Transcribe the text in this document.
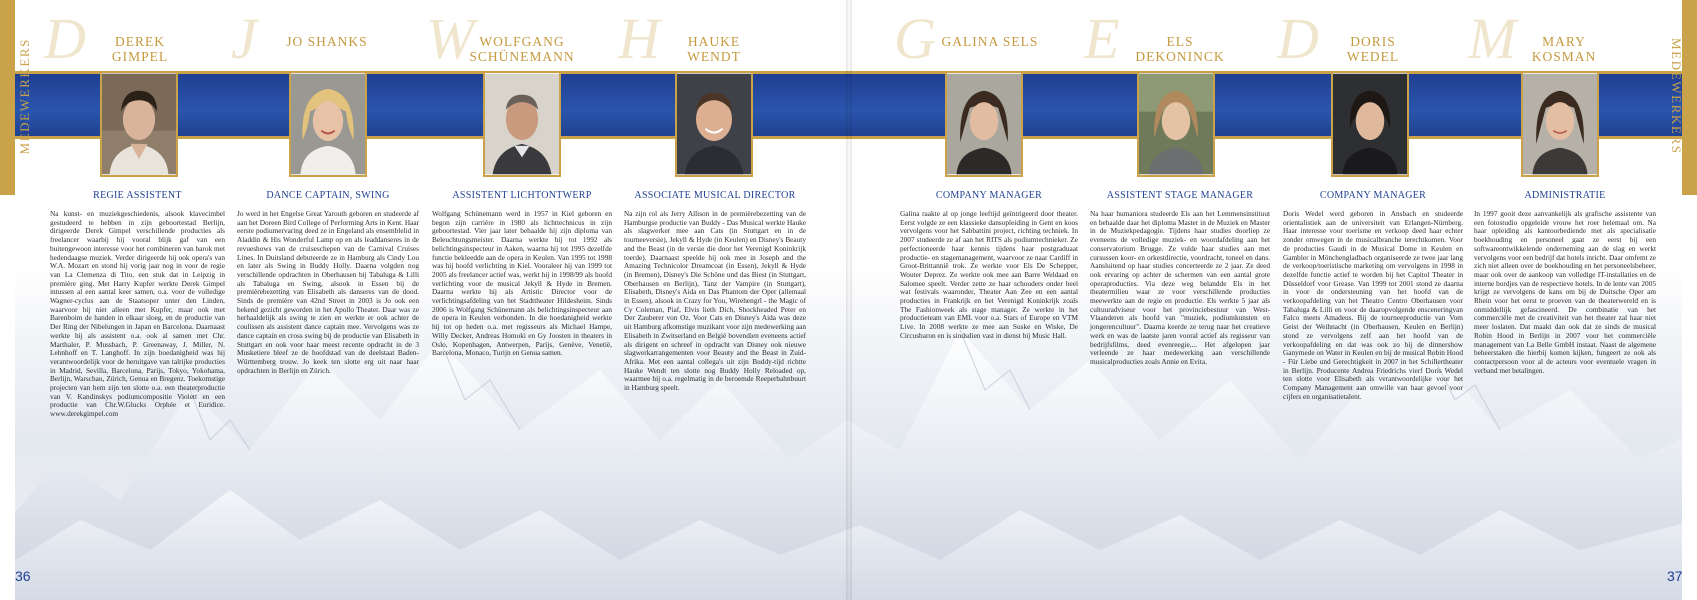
MEDEWERKERS	MEDEWERKERS
36	37
D	DEREK GIMPEL
REGIE ASSISTENT
Na kunst- en muziekgeschiedenis, alsook klavecimbel gestudeerd te hebben in zijn geboortestad Berlijn, dirigeerde Derek Gimpel verschillende producties als freelancer waarbij hij vooral blijk gaf van een buitengewoon interesse voor het combineren van barok met hedendaagse muziek. Verder dirigeerde hij ook opera's van W.A. Mozart en stond hij vorig jaar nog in voor de regie van La Clemenza di Tito, een stuk dat in Leipzig in première ging. Met Harry Kupfer werkte Derek Gimpel intussen al een aantal keer samen, o.a. voor de volledige Wagner-cyclus aan de Staatsoper unter den Linden, waarvoor hij niet alleen met Kupfer, maar ook met Barenboim de handen in elkaar sloeg, en de productie van Der Ring der Nibelungen in Japan en Barcelona. Daarnaast werkte hij als assistent o.a. ook al samen met Chr. Marthaler, P. Mussbach, P. Greenaway, J. Miller, N. Lehnhoff en T. Langhoff. In zijn hoedanigheid was hij verantwoordelijk voor de heruitgave van talrijke producties in Madrid, Sevilla, Barcelona, Parijs, Tokyo, Yokohama, Berlijn, Warschau, Zürich, Genua en Bregenz. Toekomstige projecten van hem zijn ten slotte o.a. een theaterproductie van V. Kandinskys podiumcompositie Violett en een productie van Chr.W.Glucks Orphée et Euridice. www.derekgimpel.com
J	JO SHANKS
DANCE CAPTAIN, SWING
Jo werd in het Engelse Great Yarouth geboren en studeerde af aan het Doreen Bird College of Performing Arts in Kent. Haar eerste podiumervaring deed ze in Engeland als ensemblelid in Aladdin & His Wonderful Lamp op en als leaddanseres in de revueshows van de cruiseschepen van de Carnival Cruises Lines. In Duitsland debuteerde ze in Hamburg als Cindy Lou en later als Swing in Buddy Holly. Daarna volgden nog verschillende opdrachten in Oberhausen bij Tabaluga & Lilli als Tabaluga en Swing, alsook in Essen bij de premièrebezetting van Elisabeth als danseres van de dood. Sinds de première van 42nd Street in 2003 is Jo ook een bekend gezicht geworden in het Apollo Theater. Daar was ze herhaaldelijk als swing te zien en werkte er ook achter de coulissen als assistent dance captain mee. Vervolgens was ze dance captain en cross swing bij de productie van Elisabeth in Stuttgart en ook voor haar meest recente opdracht in de 3 Musketiere bleef ze de hoofdstad van de deelstaat Baden-Württemberg trouw. Jo keek ten slotte erg uit naar haar opdrachten in Berlijn en Zürich.
W WOLFGANG SCHÜNEMANN
ASSISTENT LICHTONTWERP
Wolfgang Schünemann werd in 1957 in Kiel geboren en begon zijn carrière in 1980 als lichttechnicus in zijn geboortestad. Vier jaar later behaalde hij zijn diploma van Beleuchtungsmeister. Daarna werkte hij tot 1992 als belichtingsinspecteur in Aaken, waarna hij tot 1995 dezelfde functie bekleedde aan de opera in Keulen. Van 1995 tot 1998 was hij hoofd verlichting in Kiel. Vooraleer hij van 1999 tot 2005 als freelancer actief was, werkt hij in 1998/99 als hoofd verlichting voor de musical Jekyll & Hyde in Bremen. Daarna werkte hij als Artistic Director voor de verlichtingsafdeling van het Stadttheater Hildesheim. Sinds 2006 is Wolfgang Schünemann als belichtingsinspecteur aan de opera in Keulen verbonden. In die hoedanigheid werkte hij tot op heden o.a. met regisseurs als Michael Hampe, Willy Decker, Andreas Homoki en Gy Joosten in theaters in Oslo, Kopenhagen, Antwerpen, Parijs, Genève, Venetië, Barcelona, Monaco, Turijn en Genua samen.
H	HAUKE WENDT
ASSOCIATE MUSICAL DIRECTOR
Na zijn rol als Jerry Allison in de premièrebezetting van de Hamburgse productie van Buddy - Das Musical werkte Hauke als slagwerker mee aan Cats (in Stuttgart en in de tourneeversie), Jekyll & Hyde (in Keulen) en Disney's Beauty and the Beast (in de versie die door het Verenigd Koninkrijk toerde). Daarnaast speelde hij ook mee in Joseph and the Amazing Technicolor Dreamcoat (in Essen), Jekyll & Hyde (in Bremen), Disney's Die Schöne und das Biest (in Stuttgart, Oberhausen en Berlijn), Tanz der Vampire (in Stuttgart), Elisabeth, Disney's Aida en Das Phantom der Oper (allemaal in Essen), alsook in Crazy for You, Wirehengrl - the Magic of Cy Coleman, Piaf, Elvis lieth Dich, Shockheaded Peter en Der Zauberer von Oz. Voor Cats en Disney's Aida was deze uit Hamburg afkomstige muzikant voor zijn medewerking aan Elisabeth in Zwitserland en België bovendien eveneens actief als dirigent en schreef in opdracht van Disney ook nieuwe slagwerkarrangementen voor Beauty and the Beast in Zuid-Afrika. Met een aantal collega's uit zijn Buddy-tijd richtte Hauke Wendt ten slotte nog Buddy Holly Reloaded op, waarmee hij o.a. regelmatig in de beroemde Reeperbahnbuurt in Hamburg speelt.
G GALINA SELS
COMPANY MANAGER
Galina raakte al op jonge leeftijd geïntrigeerd door theater. Eerst volgde ze een klassieke dansopleiding in Gent en koos vervolgens voor het Sabbattini project, richting techniek. In 2007 studeerde ze af aan het RITS als podiumtechnieker. Ze perfectioneerde haar kennis tijdens haar postgraduaat productie- en stagemanagement, waarvoor ze naar Cardiff in Groot-Brittannië trok. Ze werkte voor Els De Schepper, Wouter Deprez. Ze werkte ook mee aan Barre Weldaad en Salomee speelt. Verder zette ze haar schouders onder heel wat festivals waaronder, Theater Aan Zee en een aantal producties in Frankrijk en het Verenigd Koninkrijk zoals The Fashionweek als stage manager. Ze werkte in het productieteam van EML voor o.a. Stars of Europe en VTM Live. In 2008 werkte ze mee aan Suske en Wiske, De Circusbaron en is sindsdien vast in dienst bij Music Hall.
E	ELS DEKONINCK
ASSISTENT STAGE MANAGER
Na haar humaniora studeerde Els aan het Lemmensinstituut en behaalde daar het diploma Master in de Muziek en Master in de Muziekpedagogie. Tijdens haar studies doorliep ze eveneens de volledige muziek- en woordafdeling aan het conservatorium Brugge. Ze vulde haar studies aan met cursussen koor- en orkestdirectie, voordracht, toneel en dans. Aansluitend op haar studies concerteerde ze 2 jaar. Ze deed ook ervaring op achter de schermen van een aantal grote operaproducties. Via deze weg belandde Els in het theatermilieu waar ze voor verschillende producties meewerkte aan de regie en productie. Els werkte 5 jaar als cultuuradviseur voor het provinciebestuur van West-Vlaanderen als hoofd van "muziek, podiumkunsten en jongerencultuur". Daarna keerde ze terug naar het creatieve werk en was de laatste jaren vooral actief als regisseur van bedrijfsfilms, deed evenreegie,... Het afgelopen jaar verleende ze haar medewerking aan verschillende musicalproducties zoals Annie en Evita.
D	DORIS WEDEL
COMPANY MANAGER
Doris Wedel werd geboren in Ansbach en studeerde orientalistiek aan de universiteit van Erlangen-Nürnberg. Haar interesse voor toerisme en verkoop deed haar echter zonder omwegen in de musicalbranche terechtkomen. Voor de producties Gaudi in de Musical Dome in Keulen en Gambler in Mönchengladbach organiseerde ze twee jaar lang de verkoop/toeristische marketing om vervolgens in 1998 in dezelfde functie actief te worden bij het Capitol Theater in Düsseldorf voor Grease. Van 1999 tot 2001 stond ze daarna in voor de ondersteuning van het hoofd van de verkoopafdeling van het Theatro Centro Oberhausen voor Tabaluga & Lilli en voor de daaropvolgende ensceneringvan Falco meets Amadeus. Bij de tourneeproductie van Vom Geist der Weihnacht (in Oberhausen, Keulen en Berlijn) stond ze vervolgens zelf aan het hoofd van de verkoopafdeling en dat was ook zo bij de dinnershow Ganymede on Water in Keulen en bij de musical Robin Hood - Für Liebe und Gerechtigkeit in 2007 in het Schillertheater in Berlijn. Producente Andrea Friedrichs vierf Doris Wedel ten slotte voor Elisabeth als verantwoordelijke voor het Company Management aan omwille van haar gevoel voor cijfers en organisatietalent.
M	MARY KOSMAN
ADMINISTRATIE
In 1997 gooit deze aanvankelijk als grafische assistente van een fotostudio opgeleide vrouw het roer helemaal om. Na haar opleiding als kantoorbediende met als specialisatie boekhouding en personeel gaat ze eerst bij een softwareontwikkelende onderneming aan de slag en werkt vervolgens voor een bedrijf dat hotels inricht. Daar omfemt ze zich niet alleen over de boekhouding en het personeelsbeheer, maar ook over de aankoop van volledige IT-installaties en de interne bordjes van de respectieve hotels. In de lente van 2005 krijgt ze vervolgens de kans om bij de Duitsche Oper am Rhein voor het eerst te proeven van de theaterwereld en is onmiddellijk gefascineerd. De combinatie van het commerciële met de creativiteit van het theater zal haar niet meer loslaten. Dat maakt dan ook dat ze sinds de musical Robin Hood in Berlijn in 2007 voor het commerciële management van La Belle GmbH instaat. Naast de algemene beheerstaken die hierbij komen kijken, fungeert ze ook als contactpersoon voor al de acteurs voor eventuele vragen in verband met betalingen.
